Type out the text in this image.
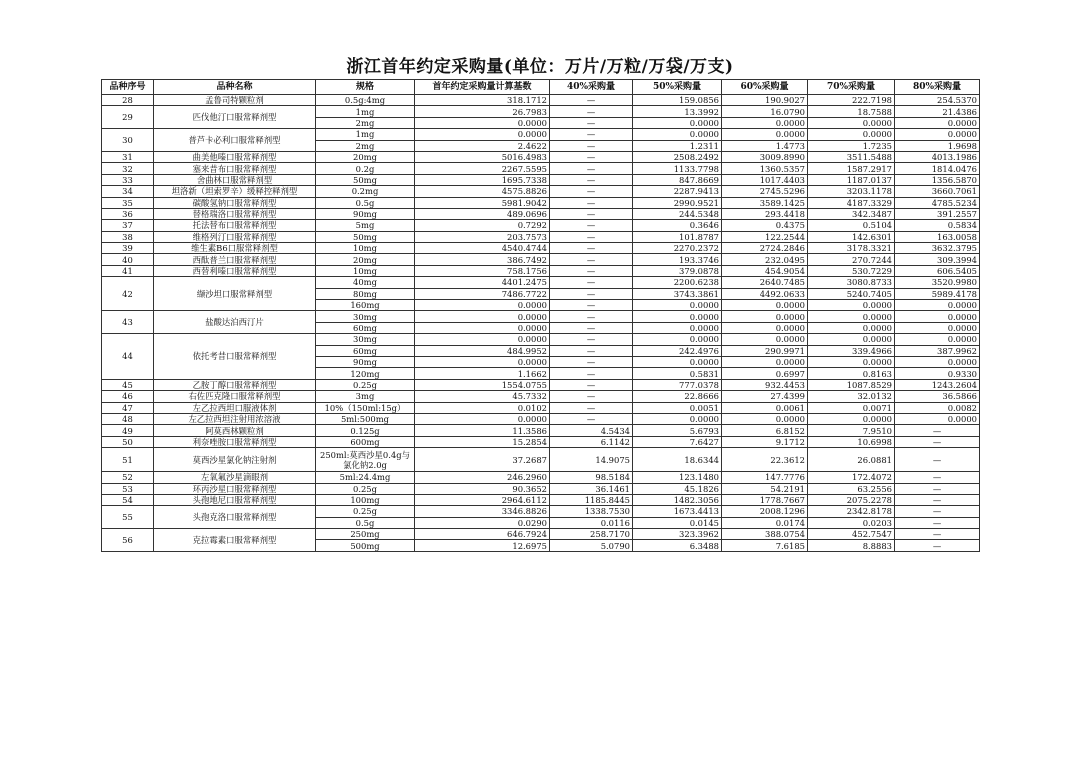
浙江首年约定采购量(单位：万片/万粒/万袋/万支)
品种序号	品种名称	规格	首年约定采购量计算基数	40%采购量	50%采购量	60%采购量	70%采购量	80%采购量
28	孟鲁司特颗粒剂	0.5g:4mg	318.1712	—	159.0856	190.9027	222.7198	254.5370
29	匹伐他汀口服常释剂型	1mg	26.7983	—	13.3992	16.0790	18.7588	21.4386
		2mg	0.0000	—	0.0000	0.0000	0.0000	0.0000
30	普芦卡必利口服常释剂型	1mg	0.0000	—	0.0000	0.0000	0.0000	0.0000
		2mg	2.4622	—	1.2311	1.4773	1.7235	1.9698
31	曲美他嗪口服常释剂型	20mg	5016.4983	—	2508.2492	3009.8990	3511.5488	4013.1986
32	塞来昔布口服常释剂型	0.2g	2267.5595	—	1133.7798	1360.5357	1587.2917	1814.0476
33	舍曲林口服常释剂型	50mg	1695.7338	—	847.8669	1017.4403	1187.0137	1356.5870
34	坦洛新（坦索罗辛）缓释控释剂型	0.2mg	4575.8826	—	2287.9413	2745.5296	3203.1178	3660.7061
35	碳酸氢钠口服常释剂型	0.5g	5981.9042	—	2990.9521	3589.1425	4187.3329	4785.5234
36	替格瑞洛口服常释剂型	90mg	489.0696	—	244.5348	293.4418	342.3487	391.2557
37	托法替布口服常释剂型	5mg	0.7292	—	0.3646	0.4375	0.5104	0.5834
38	维格列汀口服常释剂型	50mg	203.7573	—	101.8787	122.2544	142.6301	163.0058
39	维生素B6口服常释剂型	10mg	4540.4744	—	2270.2372	2724.2846	3178.3321	3632.3795
40	西酞普兰口服常释剂型	20mg	386.7492	—	193.3746	232.0495	270.7244	309.3994
41	西替利嗪口服常释剂型	10mg	758.1756	—	379.0878	454.9054	530.7229	606.5405
42	缬沙坦口服常释剂型	40mg	4401.2475	—	2200.6238	2640.7485	3080.8733	3520.9980
		80mg	7486.7722	—	3743.3861	4492.0633	5240.7405	5989.4178
		160mg	0.0000	—	0.0000	0.0000	0.0000	0.0000
43	盐酸达泊西汀片	30mg	0.0000	—	0.0000	0.0000	0.0000	0.0000
		60mg	0.0000	—	0.0000	0.0000	0.0000	0.0000
44	依托考昔口服常释剂型	30mg	0.0000	—	0.0000	0.0000	0.0000	0.0000
		60mg	484.9952	—	242.4976	290.9971	339.4966	387.9962
		90mg	0.0000	—	0.0000	0.0000	0.0000	0.0000
		120mg	1.1662	—	0.5831	0.6997	0.8163	0.9330
45	乙胺丁醇口服常释剂型	0.25g	1554.0755	—	777.0378	932.4453	1087.8529	1243.2604
46	右佐匹克隆口服常释剂型	3mg	45.7332	—	22.8666	27.4399	32.0132	36.5866
47	左乙拉西坦口服液体剂	10%（150ml:15g）	0.0102	—	0.0051	0.0061	0.0071	0.0082
48	左乙拉西坦注射用浓溶液	5ml:500mg	0.0000	—	0.0000	0.0000	0.0000	0.0000
49	阿莫西林颗粒剂	0.125g	11.3586	4.5434	5.6793	6.8152	7.9510	—
50	利奈唑胺口服常释剂型	600mg	15.2854	6.1142	7.6427	9.1712	10.6998	—
51	莫西沙星氯化钠注射剂	250ml:莫西沙星0.4g与氯化钠2.0g	37.2687	14.9075	18.6344	22.3612	26.0881	—
52	左氧氟沙星滴眼剂	5ml:24.4mg	246.2960	98.5184	123.1480	147.7776	172.4072	—
53	环丙沙星口服常释剂型	0.25g	90.3652	36.1461	45.1826	54.2191	63.2556	—
54	头孢地尼口服常释剂型	100mg	2964.6112	1185.8445	1482.3056	1778.7667	2075.2278	—
55	头孢克洛口服常释剂型	0.25g	3346.8826	1338.7530	1673.4413	2008.1296	2342.8178	—
		0.5g	0.0290	0.0116	0.0145	0.0174	0.0203	—
56	克拉霉素口服常释剂型	250mg	646.7924	258.7170	323.3962	388.0754	452.7547	—
		500mg	12.6975	5.0790	6.3488	7.6185	8.8883	—
